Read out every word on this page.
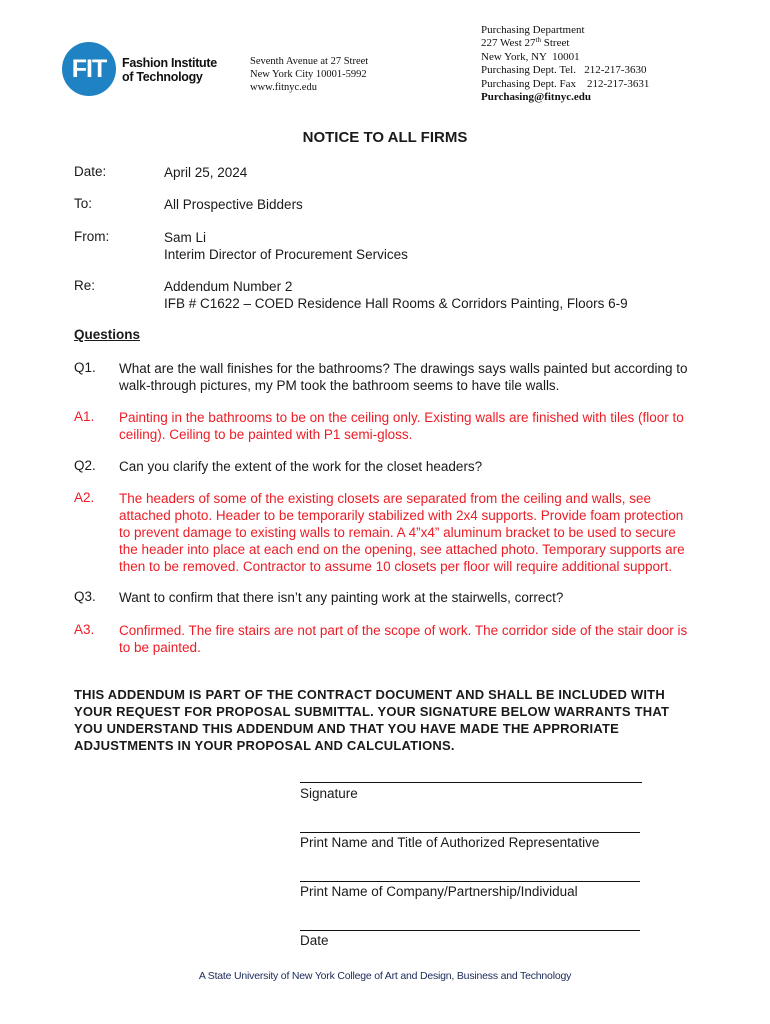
FIT Fashion Institute
of Technology
Seventh Avenue at 27 Street
New York City 10001-5992
www.fitnyc.edu
Purchasing Department
227 West 27th Street
New York, NY  10001
Purchasing Dept. Tel.   212-217-3630
Purchasing Dept. Fax    212-217-3631
Purchasing@fitnyc.edu
NOTICE TO ALL FIRMS
Date:	April 25, 2024
To:	All Prospective Bidders
From:	Sam Li
Interim Director of Procurement Services
Re:	Addendum Number 2
IFB # C1622 – COED Residence Hall Rooms & Corridors Painting, Floors 6-9
Questions
Q1. What are the wall finishes for the bathrooms? The drawings says walls painted but according to
walk-through pictures, my PM took the bathroom seems to have tile walls.
A1. Painting in the bathrooms to be on the ceiling only. Existing walls are finished with tiles (floor to
ceiling). Ceiling to be painted with P1 semi-gloss.
Q2. Can you clarify the extent of the work for the closet headers?
A2. The headers of some of the existing closets are separated from the ceiling and walls, see
attached photo. Header to be temporarily stabilized with 2x4 supports. Provide foam protection
to prevent damage to existing walls to remain. A 4”x4” aluminum bracket to be used to secure
the header into place at each end on the opening, see attached photo. Temporary supports are
then to be removed. Contractor to assume 10 closets per floor will require additional support.
Q3. Want to confirm that there isn’t any painting work at the stairwells, correct?
A3. Confirmed. The fire stairs are not part of the scope of work. The corridor side of the stair door is
to be painted.
THIS ADDENDUM IS PART OF THE CONTRACT DOCUMENT AND SHALL BE INCLUDED WITH
YOUR REQUEST FOR PROPOSAL SUBMITTAL. YOUR SIGNATURE BELOW WARRANTS THAT
YOU UNDERSTAND THIS ADDENDUM AND THAT YOU HAVE MADE THE APPRORIATE
ADJUSTMENTS IN YOUR PROPOSAL AND CALCULATIONS.
Signature
Print Name and Title of Authorized Representative
Print Name of Company/Partnership/Individual
Date
A State University of New York College of Art and Design, Business and Technology
